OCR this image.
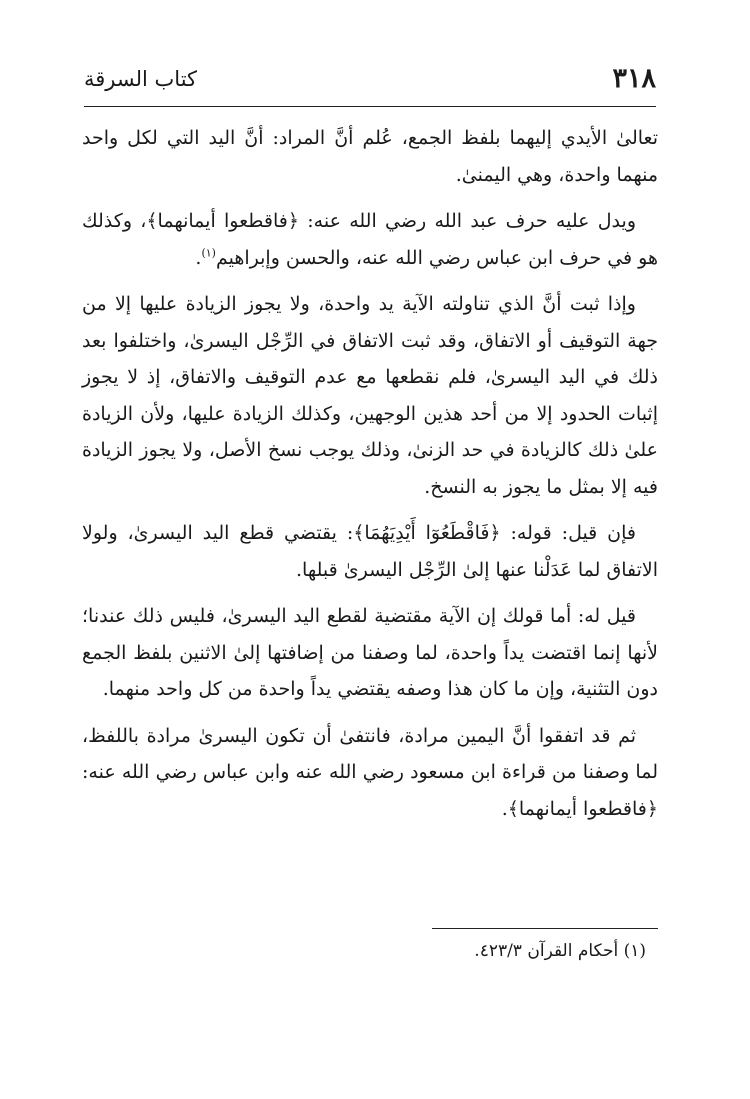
٣١٨
كتاب السرقة

تعالىٰ الأيدي إليهما بلفظ الجمع، عُلم أنَّ المراد: أنَّ اليد التي لكل واحد منهما واحدة، وهي اليمنىٰ.

ويدل عليه حرف عبد الله رضي الله عنه: ﴿فاقطعوا أيمانهما﴾، وكذلك هو في حرف ابن عباس رضي الله عنه، والحسن وإبراهيم$^{(١)}$.

وإذا ثبت أنَّ الذي تناولته الآية يد واحدة، ولا يجوز الزيادة عليها إلا من جهة التوقيف أو الاتفاق، وقد ثبت الاتفاق في الرِّجْل اليسرىٰ، واختلفوا بعد ذلك في اليد اليسرىٰ، فلم نقطعها مع عدم التوقيف والاتفاق، إذ لا يجوز إثبات الحدود إلا من أحد هذين الوجهين، وكذلك الزيادة عليها، ولأن الزيادة علىٰ ذلك كالزيادة في حد الزنىٰ، وذلك يوجب نسخ الأصل، ولا يجوز الزيادة فيه إلا بمثل ما يجوز به النسخ.

فإن قيل: قوله: ﴿فَاقْطَعُوٓا أَيْدِيَهُمَا﴾: يقتضي قطع اليد اليسرىٰ، ولولا الاتفاق لما عَدَلْنا عنها إلىٰ الرِّجْل اليسرىٰ قبلها.

قيل له: أما قولك إن الآية مقتضية لقطع اليد اليسرىٰ، فليس ذلك عندنا؛ لأنها إنما اقتضت يداً واحدة، لما وصفنا من إضافتها إلىٰ الاثنين بلفظ الجمع دون التثنية، وإن ما كان هذا وصفه يقتضي يداً واحدة من كل واحد منهما.

ثم قد اتفقوا أنَّ اليمين مرادة، فانتفىٰ أن تكون اليسرىٰ مرادة باللفظ، لما وصفنا من قراءة ابن مسعود رضي الله عنه وابن عباس رضي الله عنه: ﴿فاقطعوا أيمانهما﴾.

(١) أحكام القرآن ٤٢٣/٣.
